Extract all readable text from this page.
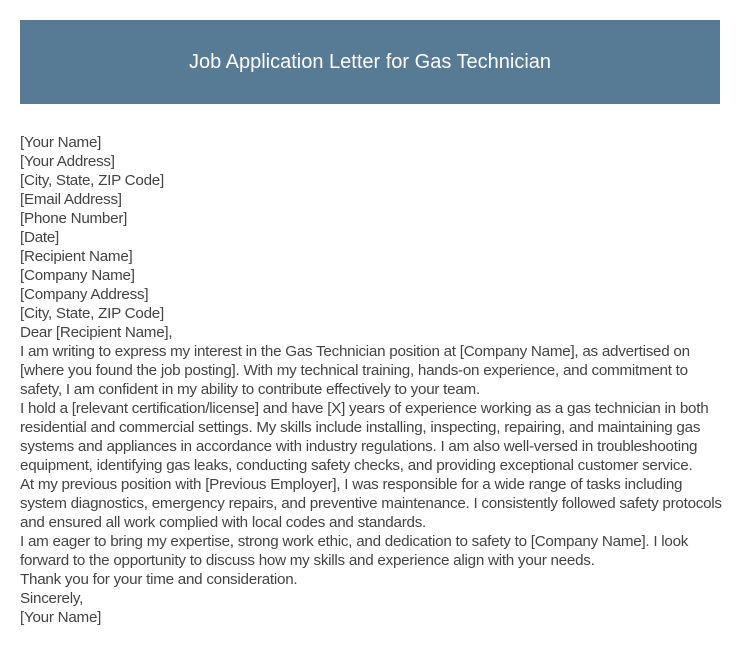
Job Application Letter for Gas Technician

[Your Name]

[Your Address]

[City, State, ZIP Code]

[Email Address]

[Phone Number]

[Date]

[Recipient Name]

[Company Name]

[Company Address]

[City, State, ZIP Code]

Dear [Recipient Name],

I am writing to express my interest in the Gas Technician position at [Company Name], as advertised on [where you found the job posting]. With my technical training, hands-on experience, and commitment to safety, I am confident in my ability to contribute effectively to your team.

I hold a [relevant certification/license] and have [X] years of experience working as a gas technician in both residential and commercial settings. My skills include installing, inspecting, repairing, and maintaining gas systems and appliances in accordance with industry regulations. I am also well-versed in troubleshooting equipment, identifying gas leaks, conducting safety checks, and providing exceptional customer service.

At my previous position with [Previous Employer], I was responsible for a wide range of tasks including system diagnostics, emergency repairs, and preventive maintenance. I consistently followed safety protocols and ensured all work complied with local codes and standards.

I am eager to bring my expertise, strong work ethic, and dedication to safety to [Company Name]. I look forward to the opportunity to discuss how my skills and experience align with your needs.

Thank you for your time and consideration.

Sincerely,

[Your Name]
